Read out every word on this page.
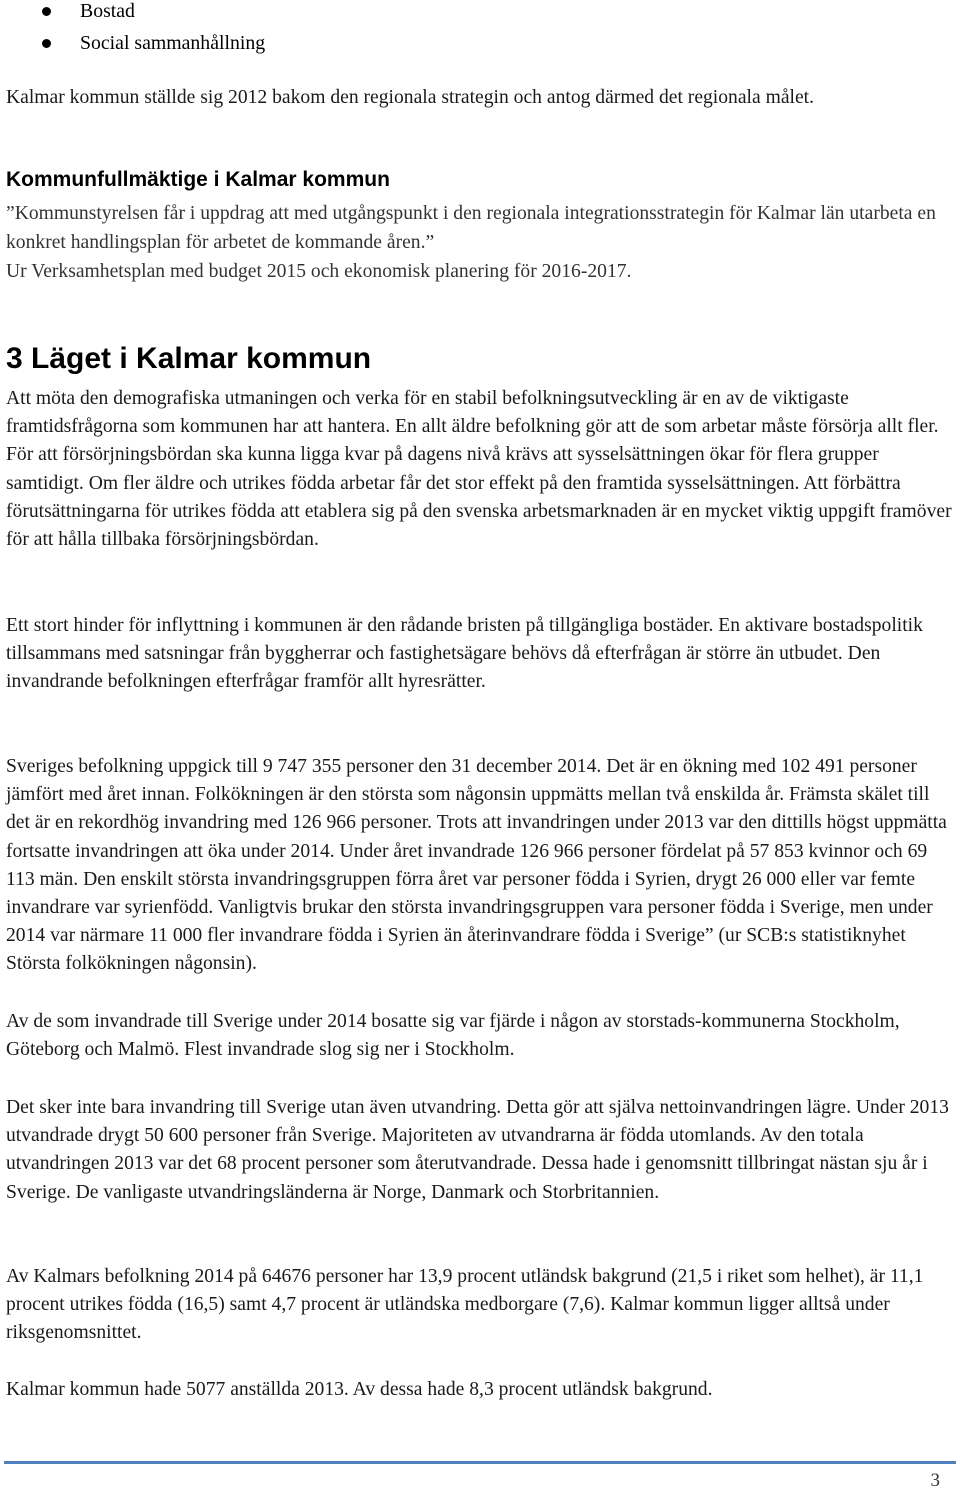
Bostad
Social sammanhållning

Kalmar kommun ställde sig 2012 bakom den regionala strategin och antog därmed det regionala målet.

Kommunfullmäktige i Kalmar kommun
”Kommunstyrelsen får i uppdrag att med utgångspunkt i den regionala integrationsstrategin för Kalmar län utarbeta en konkret handlingsplan för arbetet de kommande åren.”
Ur Verksamhetsplan med budget 2015 och ekonomisk planering för 2016-2017.
3 Läget i Kalmar kommun

Att möta den demografiska utmaningen och verka för en stabil befolkningsutveckling är en av de viktigaste framtidsfrågorna som kommunen har att hantera. En allt äldre befolkning gör att de som arbetar måste försörja allt fler. För att försörjningsbördan ska kunna ligga kvar på dagens nivå krävs att sysselsättningen ökar för flera grupper samtidigt. Om fler äldre och utrikes födda arbetar får det stor effekt på den framtida sysselsättningen. Att förbättra förutsättningarna för utrikes födda att etablera sig på den svenska arbetsmarknaden är en mycket viktig uppgift framöver för att hålla tillbaka försörjningsbördan.

Ett stort hinder för inflyttning i kommunen är den rådande bristen på tillgängliga bostäder. En aktivare bostadspolitik tillsammans med satsningar från byggherrar och fastighetsägare behövs då efterfrågan är större än utbudet. Den invandrande befolkningen efterfrågar framför allt hyresrätter.

Sveriges befolkning uppgick till 9 747 355 personer den 31 december 2014. Det är en ökning med 102 491 personer jämfört med året innan. Folkökningen är den största som någonsin uppmätts mellan två enskilda år. Främsta skälet till det är en rekordhög invandring med 126 966 personer. Trots att invandringen under 2013 var den dittills högst uppmätta fortsatte invandringen att öka under 2014. Under året invandrade 126 966 personer fördelat på 57 853 kvinnor och 69 113 män. Den enskilt största invandringsgruppen förra året var personer födda i Syrien, drygt 26 000 eller var femte invandrare var syrienfödd. Vanligtvis brukar den största invandringsgruppen vara personer födda i Sverige, men under 2014 var närmare 11 000 fler invandrare födda i Syrien än återinvandrare födda i Sverige” (ur SCB:s statistiknyhet Största folkökningen någonsin).

Av de som invandrade till Sverige under 2014 bosatte sig var fjärde i någon av storstads-kommunerna Stockholm, Göteborg och Malmö. Flest invandrade slog sig ner i Stockholm.

Det sker inte bara invandring till Sverige utan även utvandring. Detta gör att själva nettoinvandringen lägre. Under 2013 utvandrade drygt 50 600 personer från Sverige. Majoriteten av utvandrarna är födda utomlands. Av den totala utvandringen 2013 var det 68 procent personer som återutvandrade. Dessa hade i genomsnitt tillbringat nästan sju år i Sverige. De vanligaste utvandringsländerna är Norge, Danmark och Storbritannien.

Av Kalmars befolkning 2014 på 64676 personer har 13,9 procent utländsk bakgrund (21,5 i riket som helhet), är 11,1 procent utrikes födda (16,5) samt 4,7 procent är utländska medborgare (7,6). Kalmar kommun ligger alltså under riksgenomsnittet.

Kalmar kommun hade 5077 anställda 2013. Av dessa hade 8,3 procent utländsk bakgrund.

3
